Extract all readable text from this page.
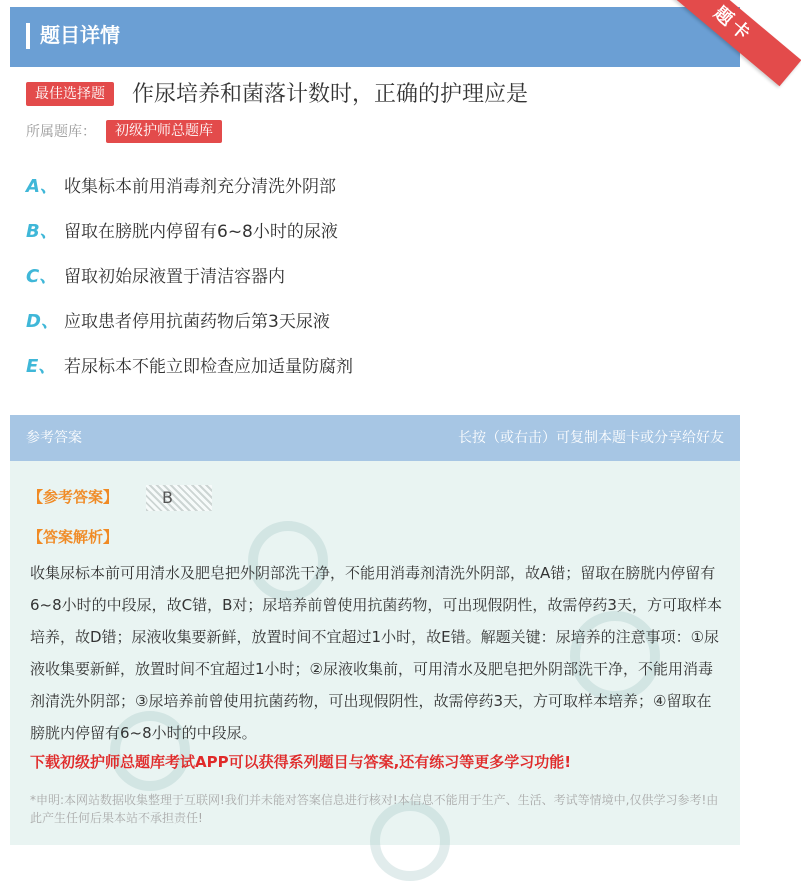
题目详情	题卡
最佳选择题	作尿培养和菌落计数时，正确的护理应是
所属题库：	初级护师总题库
A、 收集标本前用消毒剂充分清洗外阴部
B、 留取在膀胱内停留有6~8小时的尿液
C、 留取初始尿液置于清洁容器内
D、 应取患者停用抗菌药物后第3天尿液
E、 若尿标本不能立即检查应加适量防腐剂
参考答案	长按（或右击）可复制本题卡或分享给好友
【参考答案】	B
【答案解析】
收集尿标本前可用清水及肥皂把外阴部洗干净，不能用消毒剂清洗外阴部，故A错；留取在膀胱内停留有6~8小时的中段尿，故C错，B对；尿培养前曾使用抗菌药物，可出现假阴性，故需停药3天，方可取样本培养，故D错；尿液收集要新鲜，放置时间不宜超过1小时，故E错。解题关键：尿培养的注意事项：①尿液收集要新鲜，放置时间不宜超过1小时；②尿液收集前，可用清水及肥皂把外阴部洗干净，不能用消毒剂清洗外阴部；③尿培养前曾使用抗菌药物，可出现假阴性，故需停药3天，方可取样本培养；④留取在膀胱内停留有6~8小时的中段尿。
下载初级护师总题库考试APP可以获得系列题目与答案,还有练习等更多学习功能!
*申明:本网站数据收集整理于互联网!我们并未能对答案信息进行核对!本信息不能用于生产、生活、考试等情境中,仅供学习参考!由此产生任何后果本站不承担责任!
